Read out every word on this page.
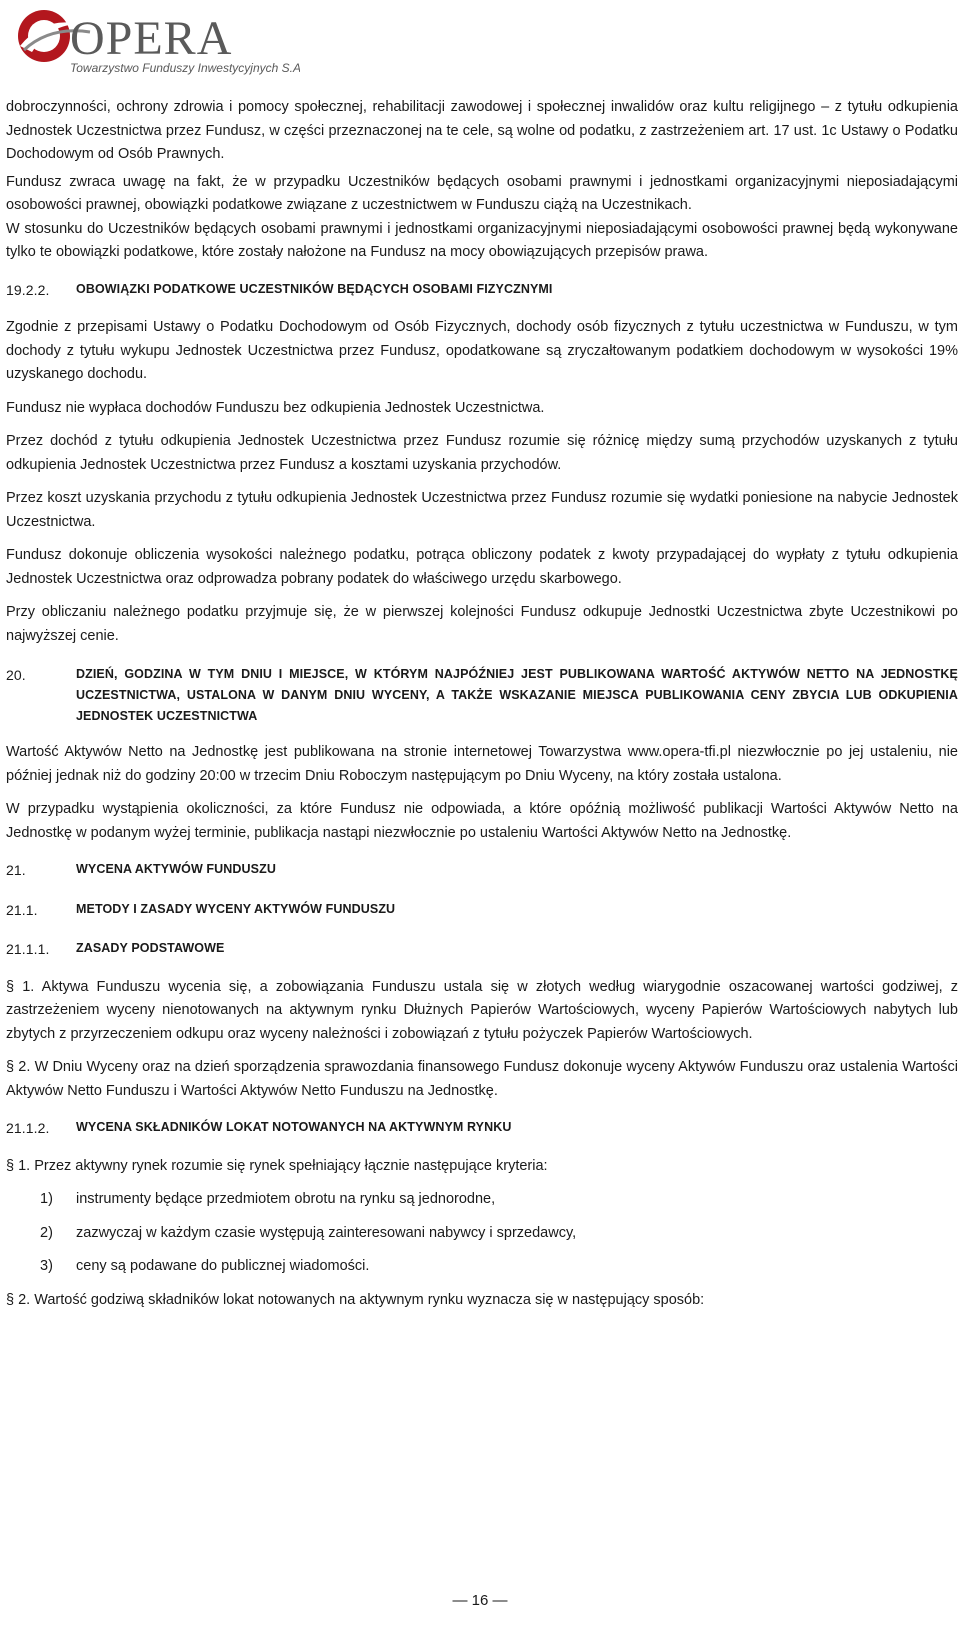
OPERA
Towarzystwo Funduszy Inwestycyjnych S.A.

dobroczynności, ochrony zdrowia i pomocy społecznej, rehabilitacji zawodowej i społecznej inwalidów oraz kultu religijnego – z tytułu odkupienia Jednostek Uczestnictwa przez Fundusz, w części przeznaczonej na te cele, są wolne od podatku, z zastrzeżeniem art. 17 ust. 1c Ustawy o Podatku Dochodowym od Osób Prawnych.

Fundusz zwraca uwagę na fakt, że w przypadku Uczestników będących osobami prawnymi i jednostkami organizacyjnymi nieposiadającymi osobowości prawnej, obowiązki podatkowe związane z uczestnictwem w Funduszu ciążą na Uczestnikach.

W stosunku do Uczestników będących osobami prawnymi i jednostkami organizacyjnymi nieposiadającymi osobowości prawnej będą wykonywane tylko te obowiązki podatkowe, które zostały nałożone na Fundusz na mocy obowiązujących przepisów prawa.

19.2.2.	OBOWIĄZKI PODATKOWE UCZESTNIKÓW BĘDĄCYCH OSOBAMI FIZYCZNYMI

Zgodnie z przepisami Ustawy o Podatku Dochodowym od Osób Fizycznych, dochody osób fizycznych z tytułu uczestnictwa w Funduszu, w tym dochody z tytułu wykupu Jednostek Uczestnictwa przez Fundusz, opodatkowane są zryczałtowanym podatkiem dochodowym w wysokości 19% uzyskanego dochodu.

Fundusz nie wypłaca dochodów Funduszu bez odkupienia Jednostek Uczestnictwa.

Przez dochód z tytułu odkupienia Jednostek Uczestnictwa przez Fundusz rozumie się różnicę między sumą przychodów uzyskanych z tytułu odkupienia Jednostek Uczestnictwa przez Fundusz a kosztami uzyskania przychodów.

Przez koszt uzyskania przychodu z tytułu odkupienia Jednostek Uczestnictwa przez Fundusz rozumie się wydatki poniesione na nabycie Jednostek Uczestnictwa.

Fundusz dokonuje obliczenia wysokości należnego podatku, potrąca obliczony podatek z kwoty przypadającej do wypłaty z tytułu odkupienia Jednostek Uczestnictwa oraz odprowadza pobrany podatek do właściwego urzędu skarbowego.

Przy obliczaniu należnego podatku przyjmuje się, że w pierwszej kolejności Fundusz odkupuje Jednostki Uczestnictwa zbyte Uczestnikowi po najwyższej cenie.

20.	DZIEŃ, GODZINA W TYM DNIU I MIEJSCE, W KTÓRYM NAJPÓŹNIEJ JEST PUBLIKOWANA WARTOŚĆ AKTYWÓW NETTO NA JEDNOSTKĘ UCZESTNICTWA, USTALONA W DANYM DNIU WYCENY, A TAKŻE WSKAZANIE MIEJSCA PUBLIKOWANIA CENY ZBYCIA LUB ODKUPIENIA JEDNOSTEK UCZESTNICTWA

Wartość Aktywów Netto na Jednostkę jest publikowana na stronie internetowej Towarzystwa www.opera-tfi.pl niezwłocznie po jej ustaleniu, nie później jednak niż do godziny 20:00 w trzecim Dniu Roboczym następującym po Dniu Wyceny, na który została ustalona.

W przypadku wystąpienia okoliczności, za które Fundusz nie odpowiada, a które opóźnią możliwość publikacji Wartości Aktywów Netto na Jednostkę w podanym wyżej terminie, publikacja nastąpi niezwłocznie po ustaleniu Wartości Aktywów Netto na Jednostkę.

21.	WYCENA AKTYWÓW FUNDUSZU
21.1.	METODY I ZASADY WYCENY AKTYWÓW FUNDUSZU
21.1.1.	ZASADY PODSTAWOWE

§ 1. Aktywa Funduszu wycenia się, a zobowiązania Funduszu ustala się w złotych według wiarygodnie oszacowanej wartości godziwej, z zastrzeżeniem wyceny nienotowanych na aktywnym rynku Dłużnych Papierów Wartościowych, wyceny Papierów Wartościowych nabytych lub zbytych z przyrzeczeniem odkupu oraz wyceny należności i zobowiązań z tytułu pożyczek Papierów Wartościowych.

§ 2. W Dniu Wyceny oraz na dzień sporządzenia sprawozdania finansowego Fundusz dokonuje wyceny Aktywów Funduszu oraz ustalenia Wartości Aktywów Netto Funduszu i Wartości Aktywów Netto Funduszu na Jednostkę.

21.1.2.	WYCENA SKŁADNIKÓW LOKAT NOTOWANYCH NA AKTYWNYM RYNKU

§ 1. Przez aktywny rynek rozumie się rynek spełniający łącznie następujące kryteria:

1)	instrumenty będące przedmiotem obrotu na rynku są jednorodne,
2)	zazwyczaj w każdym czasie występują zainteresowani nabywcy i sprzedawcy,
3)	ceny są podawane do publicznej wiadomości.

§ 2. Wartość godziwą składników lokat notowanych na aktywnym rynku wyznacza się w następujący sposób:

— 16 —
